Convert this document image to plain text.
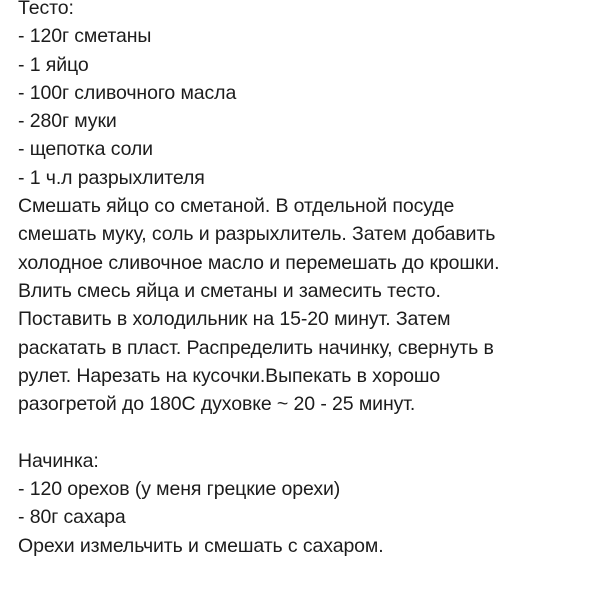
Тесто:
- 120г сметаны
- 1 яйцо
- 100г сливочного масла
- 280г муки
- щепотка соли
- 1 ч.л разрыхлителя
Смешать яйцо со сметаной. В отдельной посуде
смешать муку, соль и разрыхлитель. Затем добавить
холодное сливочное масло и перемешать до крошки.
Влить смесь яйца и сметаны и замесить тесто.
Поставить в холодильник на 15-20 минут. Затем
раскатать в пласт. Распределить начинку, свернуть в
рулет. Нарезать на кусочки.Выпекать в хорошо
разогретой до 180С духовке ~ 20 - 25 минут.
Начинка:
- 120 орехов (у меня грецкие орехи)
- 80г сахара
Орехи измельчить и смешать с сахаром.
